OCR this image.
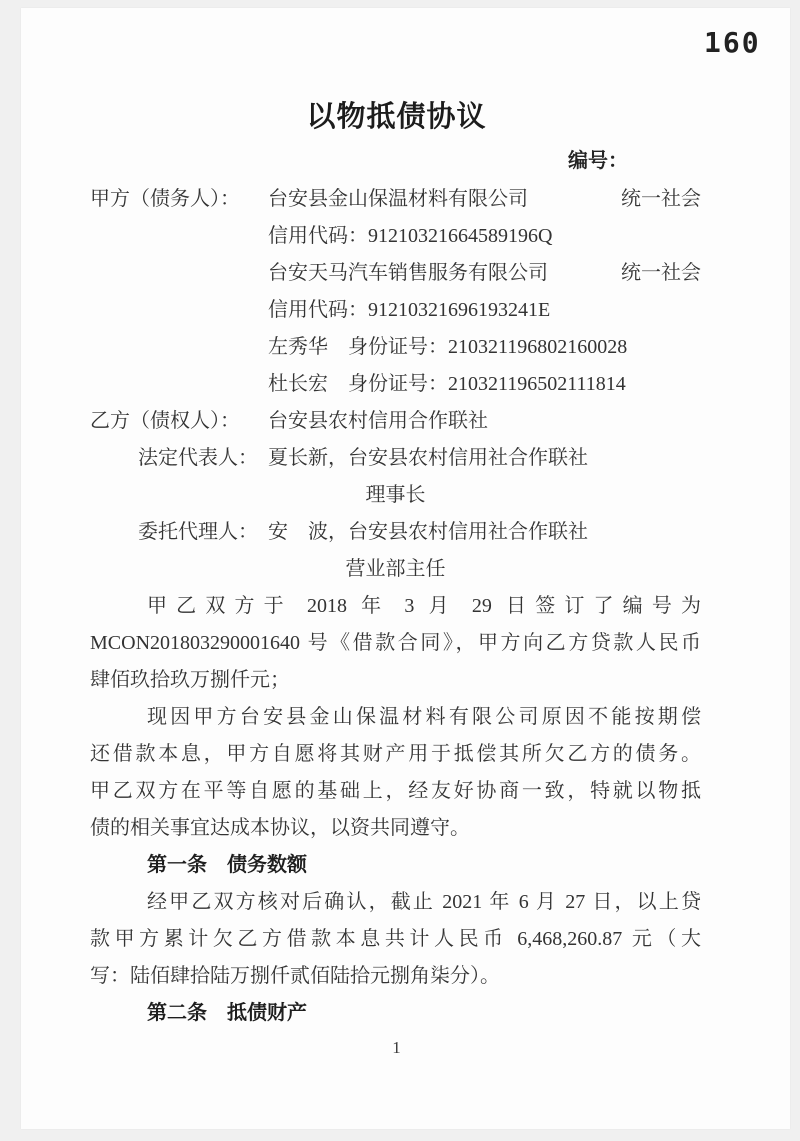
160
以物抵债协议
编号：
甲方（债务人）：	台安县金山保温材料有限公司	统一社会
信用代码：91210321664589196Q
台安天马汽车销售服务有限公司	统一社会
信用代码：91210321696193241E
左秀华　身份证号：210321196802160028
杜长宏　身份证号：210321196502111814
乙方（债权人）：	台安县农村信用合作联社
法定代表人： 夏长新，台安县农村信用社合作联社
理事长
委托代理人： 安　波，台安县农村信用社合作联社
营业部主任
甲乙双方于 2018 年 3 月 29 日签订了编号为
MCON201803290001640 号《借款合同》，甲方向乙方贷款人民币
肆佰玖拾玖万捌仟元；
现因甲方台安县金山保温材料有限公司原因不能按期偿
还借款本息，甲方自愿将其财产用于抵偿其所欠乙方的债务。
甲乙双方在平等自愿的基础上，经友好协商一致，特就以物抵
债的相关事宜达成本协议，以资共同遵守。
第一条　债务数额
经甲乙双方核对后确认，截止 2021 年 6 月 27 日，以上贷
款甲方累计欠乙方借款本息共计人民币 6,468,260.87 元（大
写：陆佰肆拾陆万捌仟贰佰陆拾元捌角柒分）。
第二条　抵债财产
1
